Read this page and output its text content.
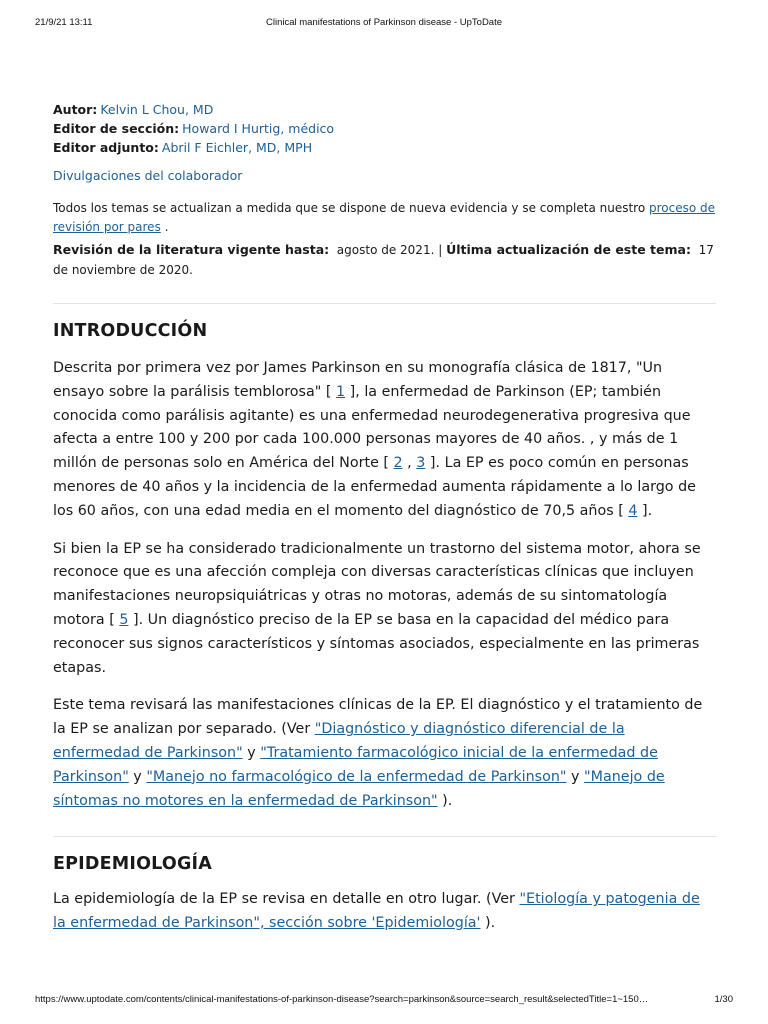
21/9/21 13:11	Clinical manifestations of Parkinson disease - UpToDate
Autor: Kelvin L Chou, MD
Editor de sección: Howard I Hurtig, médico
Editor adjunto: Abril F Eichler, MD, MPH
Divulgaciones del colaborador
Todos los temas se actualizan a medida que se dispone de nueva evidencia y se completa nuestro proceso de revisión por pares .
Revisión de la literatura vigente hasta: agosto de 2021. | Última actualización de este tema: 17 de noviembre de 2020.
INTRODUCCIÓN

Descrita por primera vez por James Parkinson en su monografía clásica de 1817, "Un ensayo sobre la parálisis temblorosa" [ 1 ], la enfermedad de Parkinson (EP; también conocida como parálisis agitante) es una enfermedad neurodegenerativa progresiva que afecta a entre 100 y 200 por cada 100.000 personas mayores de 40 años. , y más de 1 millón de personas solo en América del Norte [ 2 , 3 ]. La EP es poco común en personas menores de 40 años y la incidencia de la enfermedad aumenta rápidamente a lo largo de los 60 años, con una edad media en el momento del diagnóstico de 70,5 años [ 4 ].

Si bien la EP se ha considerado tradicionalmente un trastorno del sistema motor, ahora se reconoce que es una afección compleja con diversas características clínicas que incluyen manifestaciones neuropsiquiátricas y otras no motoras, además de su sintomatología motora [ 5 ]. Un diagnóstico preciso de la EP se basa en la capacidad del médico para reconocer sus signos característicos y síntomas asociados, especialmente en las primeras etapas.

Este tema revisará las manifestaciones clínicas de la EP. El diagnóstico y el tratamiento de la EP se analizan por separado. (Ver "Diagnóstico y diagnóstico diferencial de la enfermedad de Parkinson" y "Tratamiento farmacológico inicial de la enfermedad de Parkinson" y "Manejo no farmacológico de la enfermedad de Parkinson" y "Manejo de síntomas no motores en la enfermedad de Parkinson" ).

EPIDEMIOLOGÍA

La epidemiología de la EP se revisa en detalle en otro lugar. (Ver "Etiología y patogenia de la enfermedad de Parkinson", sección sobre 'Epidemiología' ).

https://www.uptodate.com/contents/clinical-manifestations-of-parkinson-disease?search=parkinson&source=search_result&selectedTitle=1~150…	1/30
